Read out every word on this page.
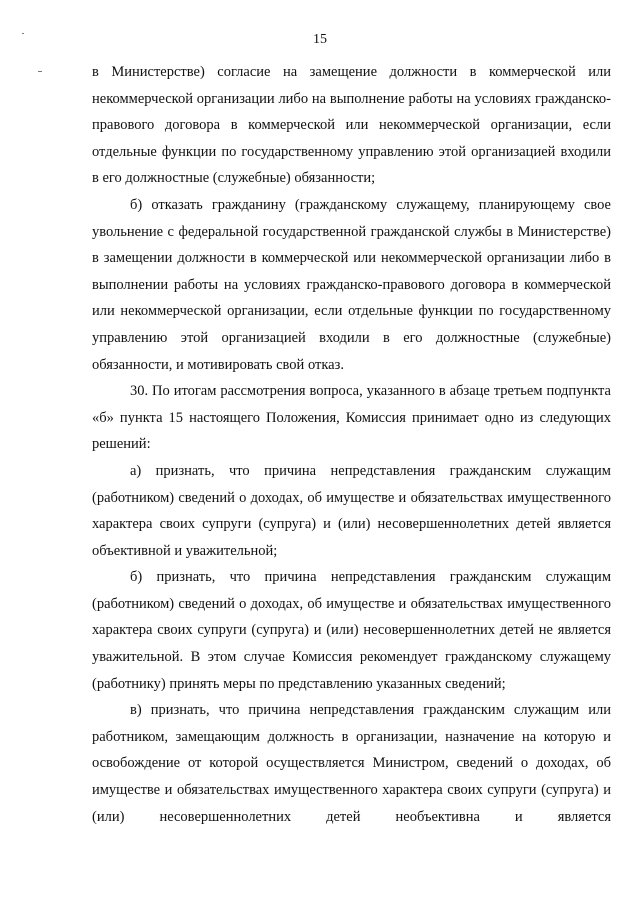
15

в Министерстве) согласие на замещение должности в коммерческой или некоммерческой организации либо на выполнение работы на условиях гражданско-правового договора в коммерческой или некоммерческой организации, если отдельные функции по государственному управлению этой организацией входили в его должностные (служебные) обязанности;

б) отказать гражданину (гражданскому служащему, планирующему свое увольнение с федеральной государственной гражданской службы в Министерстве) в замещении должности в коммерческой или некоммерческой организации либо в выполнении работы на условиях гражданско-правового договора в коммерческой или некоммерческой организации, если отдельные функции по государственному управлению этой организацией входили в его должностные (служебные) обязанности, и мотивировать свой отказ.

30. По итогам рассмотрения вопроса, указанного в абзаце третьем подпункта «б» пункта 15 настоящего Положения, Комиссия принимает одно из следующих решений:

а) признать, что причина непредставления гражданским служащим (работником) сведений о доходах, об имуществе и обязательствах имущественного характера своих супруги (супруга) и (или) несовершеннолетних детей является объективной и уважительной;

б) признать, что причина непредставления гражданским служащим (работником) сведений о доходах, об имуществе и обязательствах имущественного характера своих супруги (супруга) и (или) несовершеннолетних детей не является уважительной. В этом случае Комиссия рекомендует гражданскому служащему (работнику) принять меры по представлению указанных сведений;

в) признать, что причина непредставления гражданским служащим или работником, замещающим должность в организации, назначение на которую и освобождение от которой осуществляется Министром, сведений о доходах, об имуществе и обязательствах имущественного характера своих супруги (супруга) и (или) несовершеннолетних детей необъективна и является
